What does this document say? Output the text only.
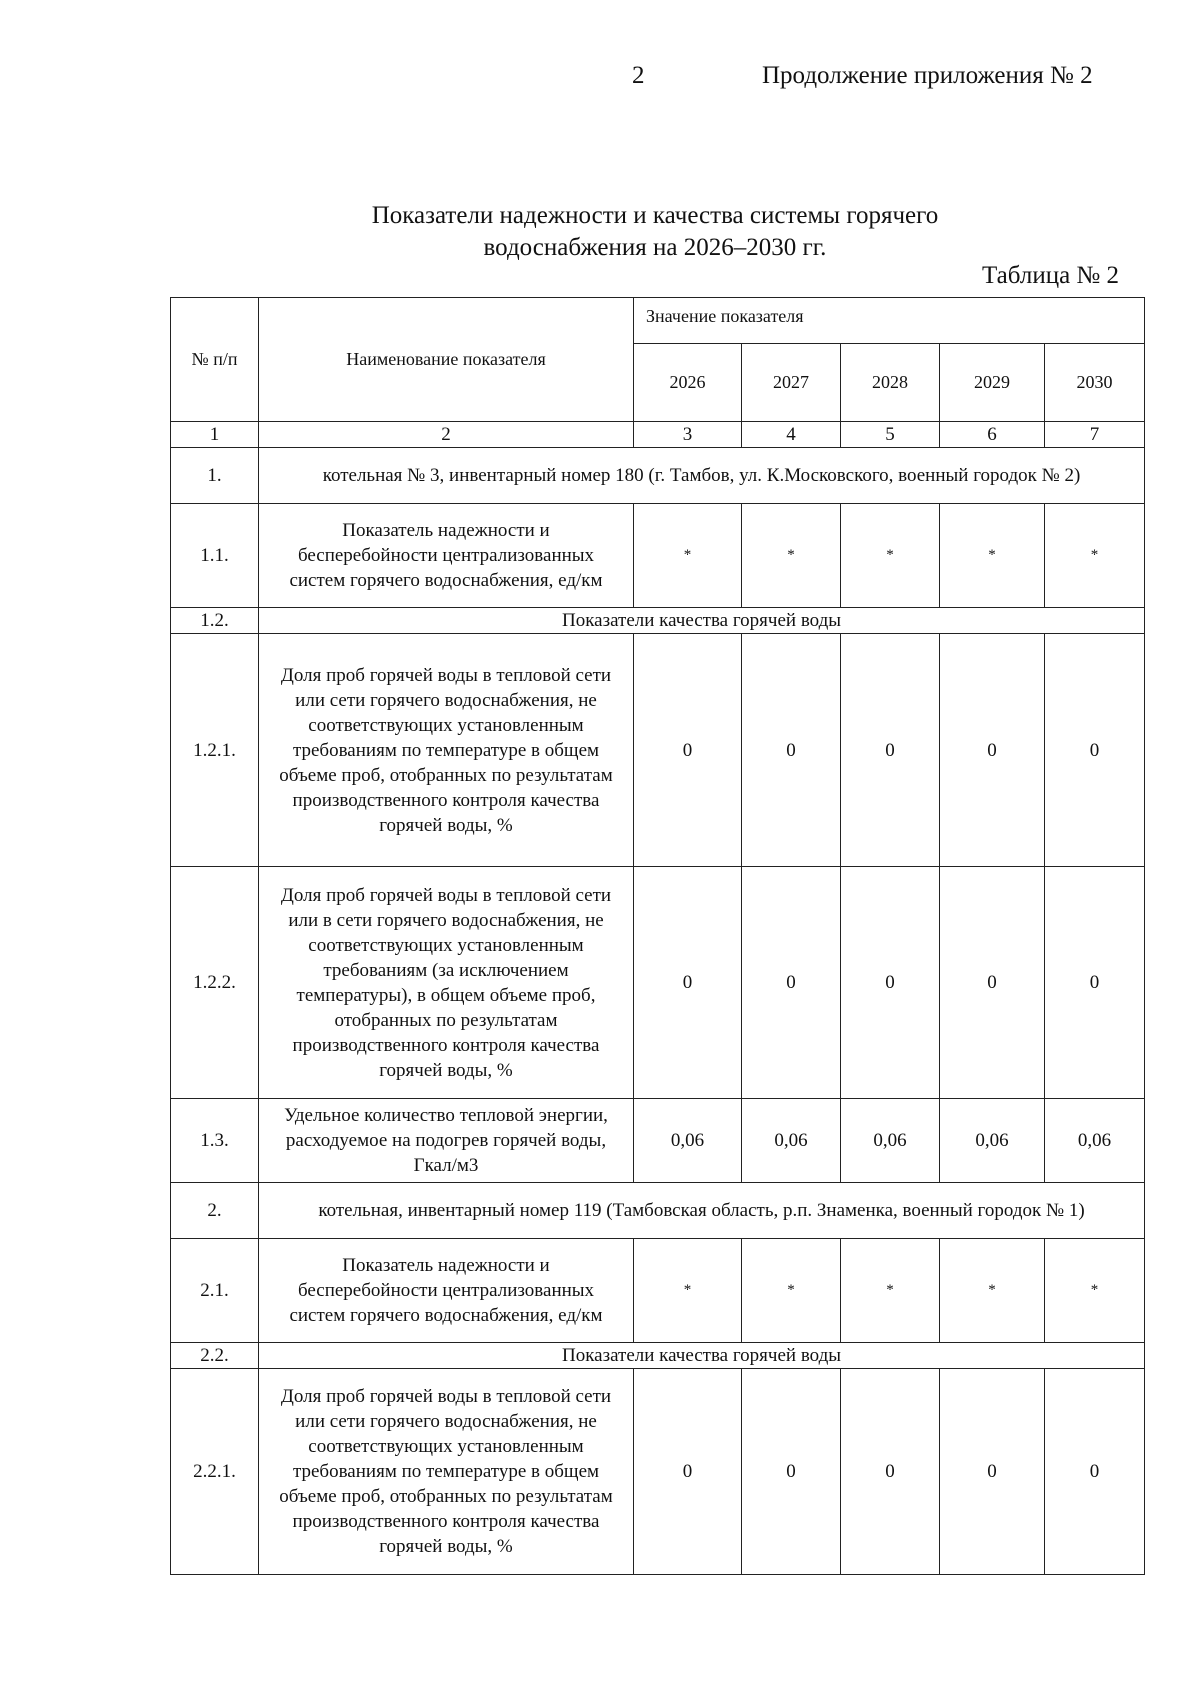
2	Продолжение приложения № 2
Показатели надежности и качества системы горячего
водоснабжения на 2026–2030 гг.
Таблица № 2
№ п/п	Наименование показателя	Значение показателя				
		2026	2027	2028	2029	2030
1	2	3	4	5	6	7
1.	котельная № 3, инвентарный номер 180 (г. Тамбов, ул. К.Московского, военный городок № 2)					
1.1.	Показатель надежности и бесперебойности централизованных систем горячего водоснабжения, ед/км	*	*	*	*	*
1.2.	Показатели качества горячей воды					
1.2.1.	Доля проб горячей воды в тепловой сети или сети горячего водоснабжения, не соответствующих установленным требованиям по температуре в общем объеме проб, отобранных по результатам производственного контроля качества горячей воды, %	0	0	0	0	0
1.2.2.	Доля проб горячей воды в тепловой сети или в сети горячего водоснабжения, не соответствующих установленным требованиям (за исключением температуры), в общем объеме проб, отобранных по результатам производственного контроля качества горячей воды, %	0	0	0	0	0
1.3.	Удельное количество тепловой энергии, расходуемое на подогрев горячей воды, Гкал/м3	0,06	0,06	0,06	0,06	0,06
2.	котельная, инвентарный номер 119 (Тамбовская область, р.п. Знаменка, военный городок № 1)					
2.1.	Показатель надежности и бесперебойности централизованных систем горячего водоснабжения, ед/км	*	*	*	*	*
2.2.	Показатели качества горячей воды					
2.2.1.	Доля проб горячей воды в тепловой сети или сети горячего водоснабжения, не соответствующих установленным требованиям по температуре в общем объеме проб, отобранных по результатам производственного контроля качества горячей воды, %	0	0	0	0	0
